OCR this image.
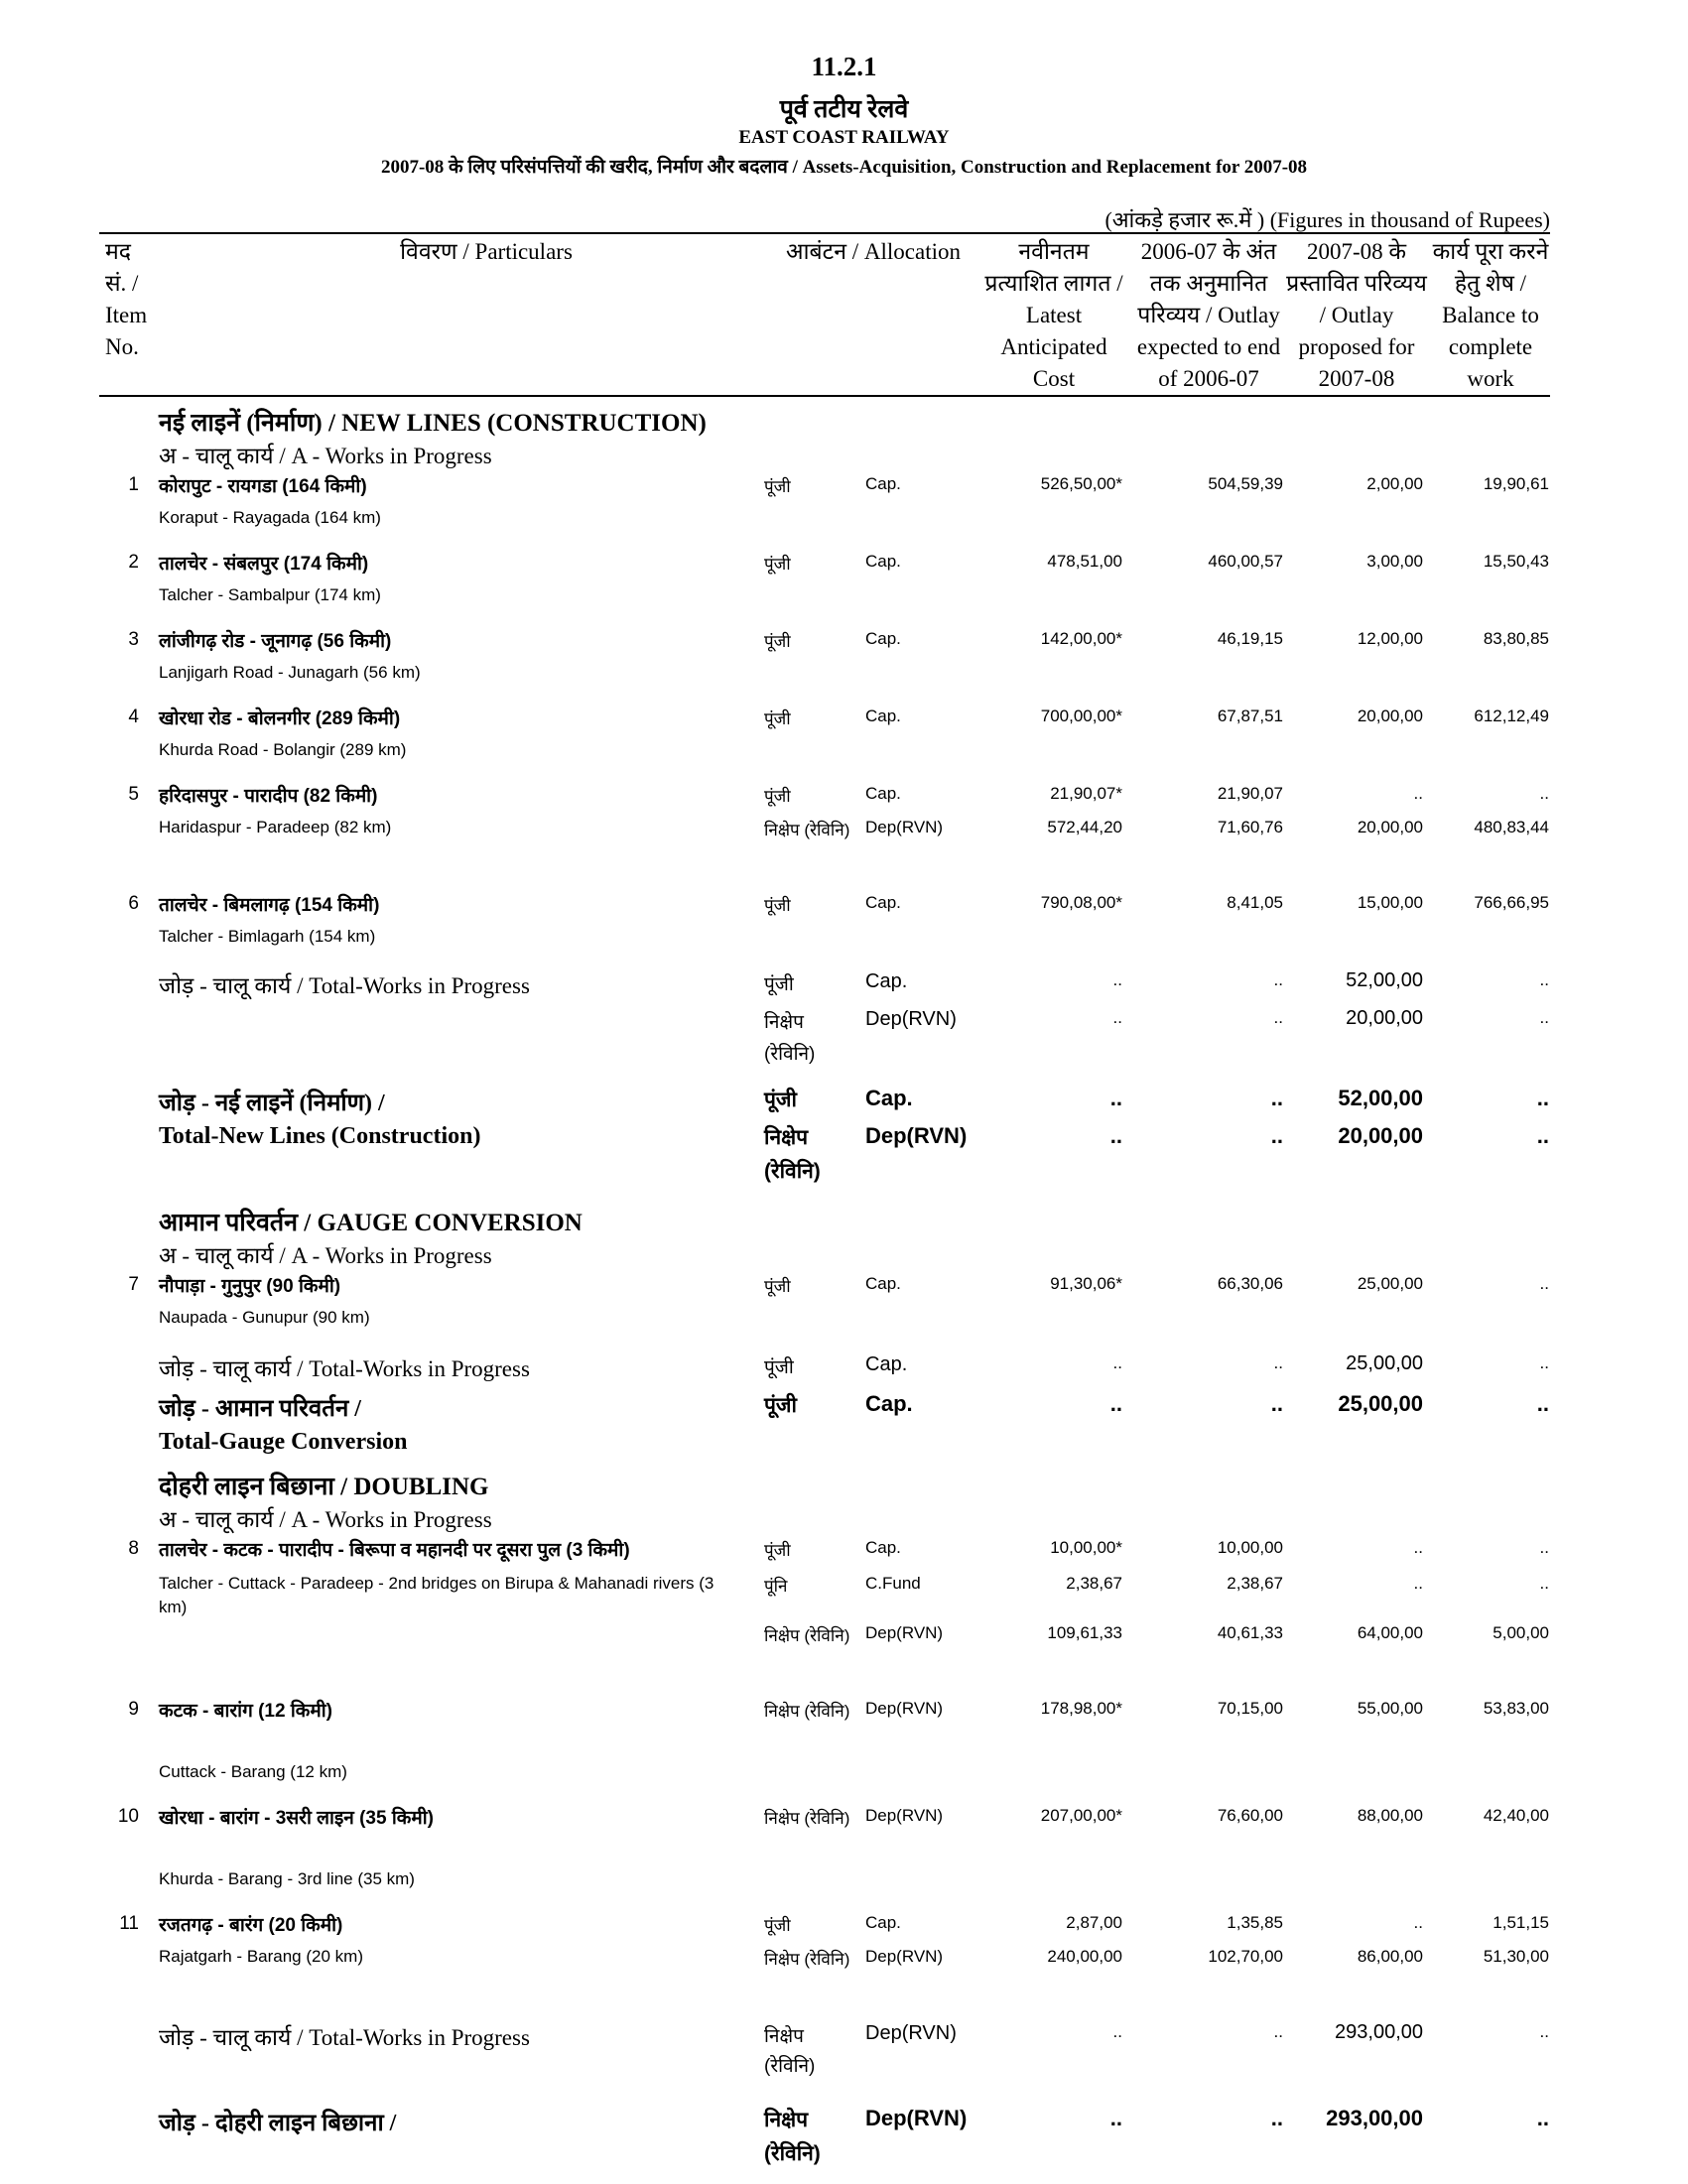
11.2.1
पूर्व तटीय रेलवे
EAST COAST RAILWAY
2007-08 के लिए परिसंपत्तियों की खरीद, निर्माण और बदलाव / Assets-Acquisition, Construction and Replacement for 2007-08
(आंकड़े हजार रू.में ) (Figures in thousand of Rupees)
मद
सं. /
Item
No.
विवरण / Particulars	आबंटन / Allocation	नवीनतम
प्रत्याशित लागत /
Latest
Anticipated
Cost
2006-07 के अंत
तक अनुमानित
परिव्यय / Outlay
expected to end
of 2006-07
2007-08 के
प्रस्तावित परिव्यय
/ Outlay
proposed for
2007-08
कार्य पूरा करने
हेतु शेष /
Balance to
complete
work
नई लाइनें (निर्माण) / NEW LINES (CONSTRUCTION)
अ - चालू कार्य / A - Works in Progress
1 कोरापुट - रायगडा (164 किमी)
Koraput - Rayagada (164 km)
पूंजी	Cap.	526,50,00*	504,59,39	2,00,00	19,90,61
2 तालचेर - संबलपुर (174 किमी)
Talcher - Sambalpur (174 km)
पूंजी	Cap.	478,51,00	460,00,57	3,00,00	15,50,43
3 लांजीगढ़ रोड - जूनागढ़ (56 किमी)
Lanjigarh Road - Junagarh (56 km)
पूंजी	Cap.	142,00,00*	46,19,15	12,00,00	83,80,85
4 खोरधा रोड - बोलनगीर (289 किमी)
Khurda Road - Bolangir (289 km)
पूंजी	Cap.	700,00,00*	67,87,51	20,00,00	612,12,49
5 हरिदासपुर - पारादीप (82 किमी)
Haridaspur - Paradeep (82 km)
पूंजी	Cap.	21,90,07*	21,90,07	..	..
निक्षेप (रेविनि) Dep(RVN)	572,44,20	71,60,76	20,00,00	480,83,44
6 तालचेर - बिमलागढ़ (154 किमी)
Talcher - Bimlagarh (154 km)
पूंजी	Cap.	790,08,00*	8,41,05	15,00,00	766,66,95
जोड़ - चालू कार्य / Total-Works in Progress	पूंजी	Cap.	..	..	52,00,00	..
निक्षेप
(रेविनि)
Dep(RVN)	..	..	20,00,00	..
जोड़ - नई लाइनें (निर्माण) /
Total-New Lines (Construction)
पूंजी	Cap.	..	..	52,00,00	..
निक्षेप
(रेविनि)
Dep(RVN)	..	..	20,00,00	..
आमान परिवर्तन / GAUGE CONVERSION
अ - चालू कार्य / A - Works in Progress
7 नौपाड़ा - गुनुपुर (90 किमी)
Naupada - Gunupur (90 km)
पूंजी	Cap.	91,30,06*	66,30,06	25,00,00	..
जोड़ - चालू कार्य / Total-Works in Progress	पूंजी	Cap.	..	..	25,00,00	..
जोड़ - आमान परिवर्तन /
Total-Gauge Conversion
पूंजी	Cap.	..	..	25,00,00	..
दोहरी लाइन बिछाना / DOUBLING
अ - चालू कार्य / A - Works in Progress
8 तालचेर - कटक - पारादीप - बिरूपा व महानदी पर दूसरा पुल (3 किमी)
Talcher - Cuttack - Paradeep - 2nd bridges on Birupa & Mahanadi rivers (3 km)
पूंजी	Cap.	10,00,00*	10,00,00	..	..
पूंनि	C.Fund	2,38,67	2,38,67	..	..
निक्षेप (रेविनि) Dep(RVN)	109,61,33	40,61,33	64,00,00	5,00,00
9 कटक - बारांग (12 किमी)
Cuttack - Barang (12 km)
निक्षेप (रेविनि) Dep(RVN)	178,98,00*	70,15,00	55,00,00	53,83,00
10 खोरधा - बारांग - 3सरी लाइन (35 किमी)
Khurda - Barang - 3rd line (35 km)
निक्षेप (रेविनि) Dep(RVN)	207,00,00*	76,60,00	88,00,00	42,40,00
11 रजतगढ़ - बारंग (20 किमी)
Rajatgarh - Barang (20 km)
पूंजी	Cap.	2,87,00	1,35,85	..	1,51,15
निक्षेप (रेविनि) Dep(RVN)	240,00,00	102,70,00	86,00,00	51,30,00
जोड़ - चालू कार्य / Total-Works in Progress	निक्षेप
(रेविनि)
Dep(RVN)	..	..	293,00,00	..
जोड़ - दोहरी लाइन बिछाना /	निक्षेप
(रेविनि)
Dep(RVN)	..	.. 293,00,00	..
